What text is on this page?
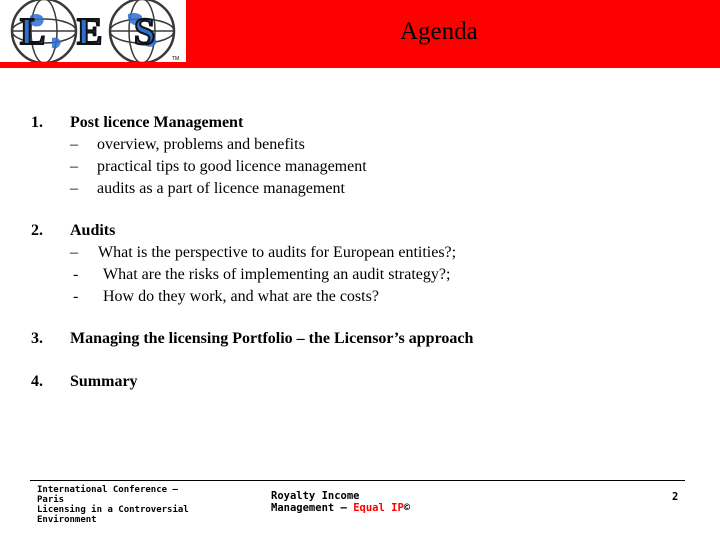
L E S
TM
Agenda
1. Post licence Management
– overview, problems and benefits
– practical tips to good licence management
– audits as a part of licence management
2. Audits
– What is the perspective to audits for European entities?;
- What are the risks of implementing an audit strategy?;
- How do they work, and what are the costs?
3. Managing the licensing Portfolio – the Licensor’s approach
4. Summary
International Conference –
Paris
Licensing in a Controversial
Environment
Royalty Income
Management – Equal IP©
2
